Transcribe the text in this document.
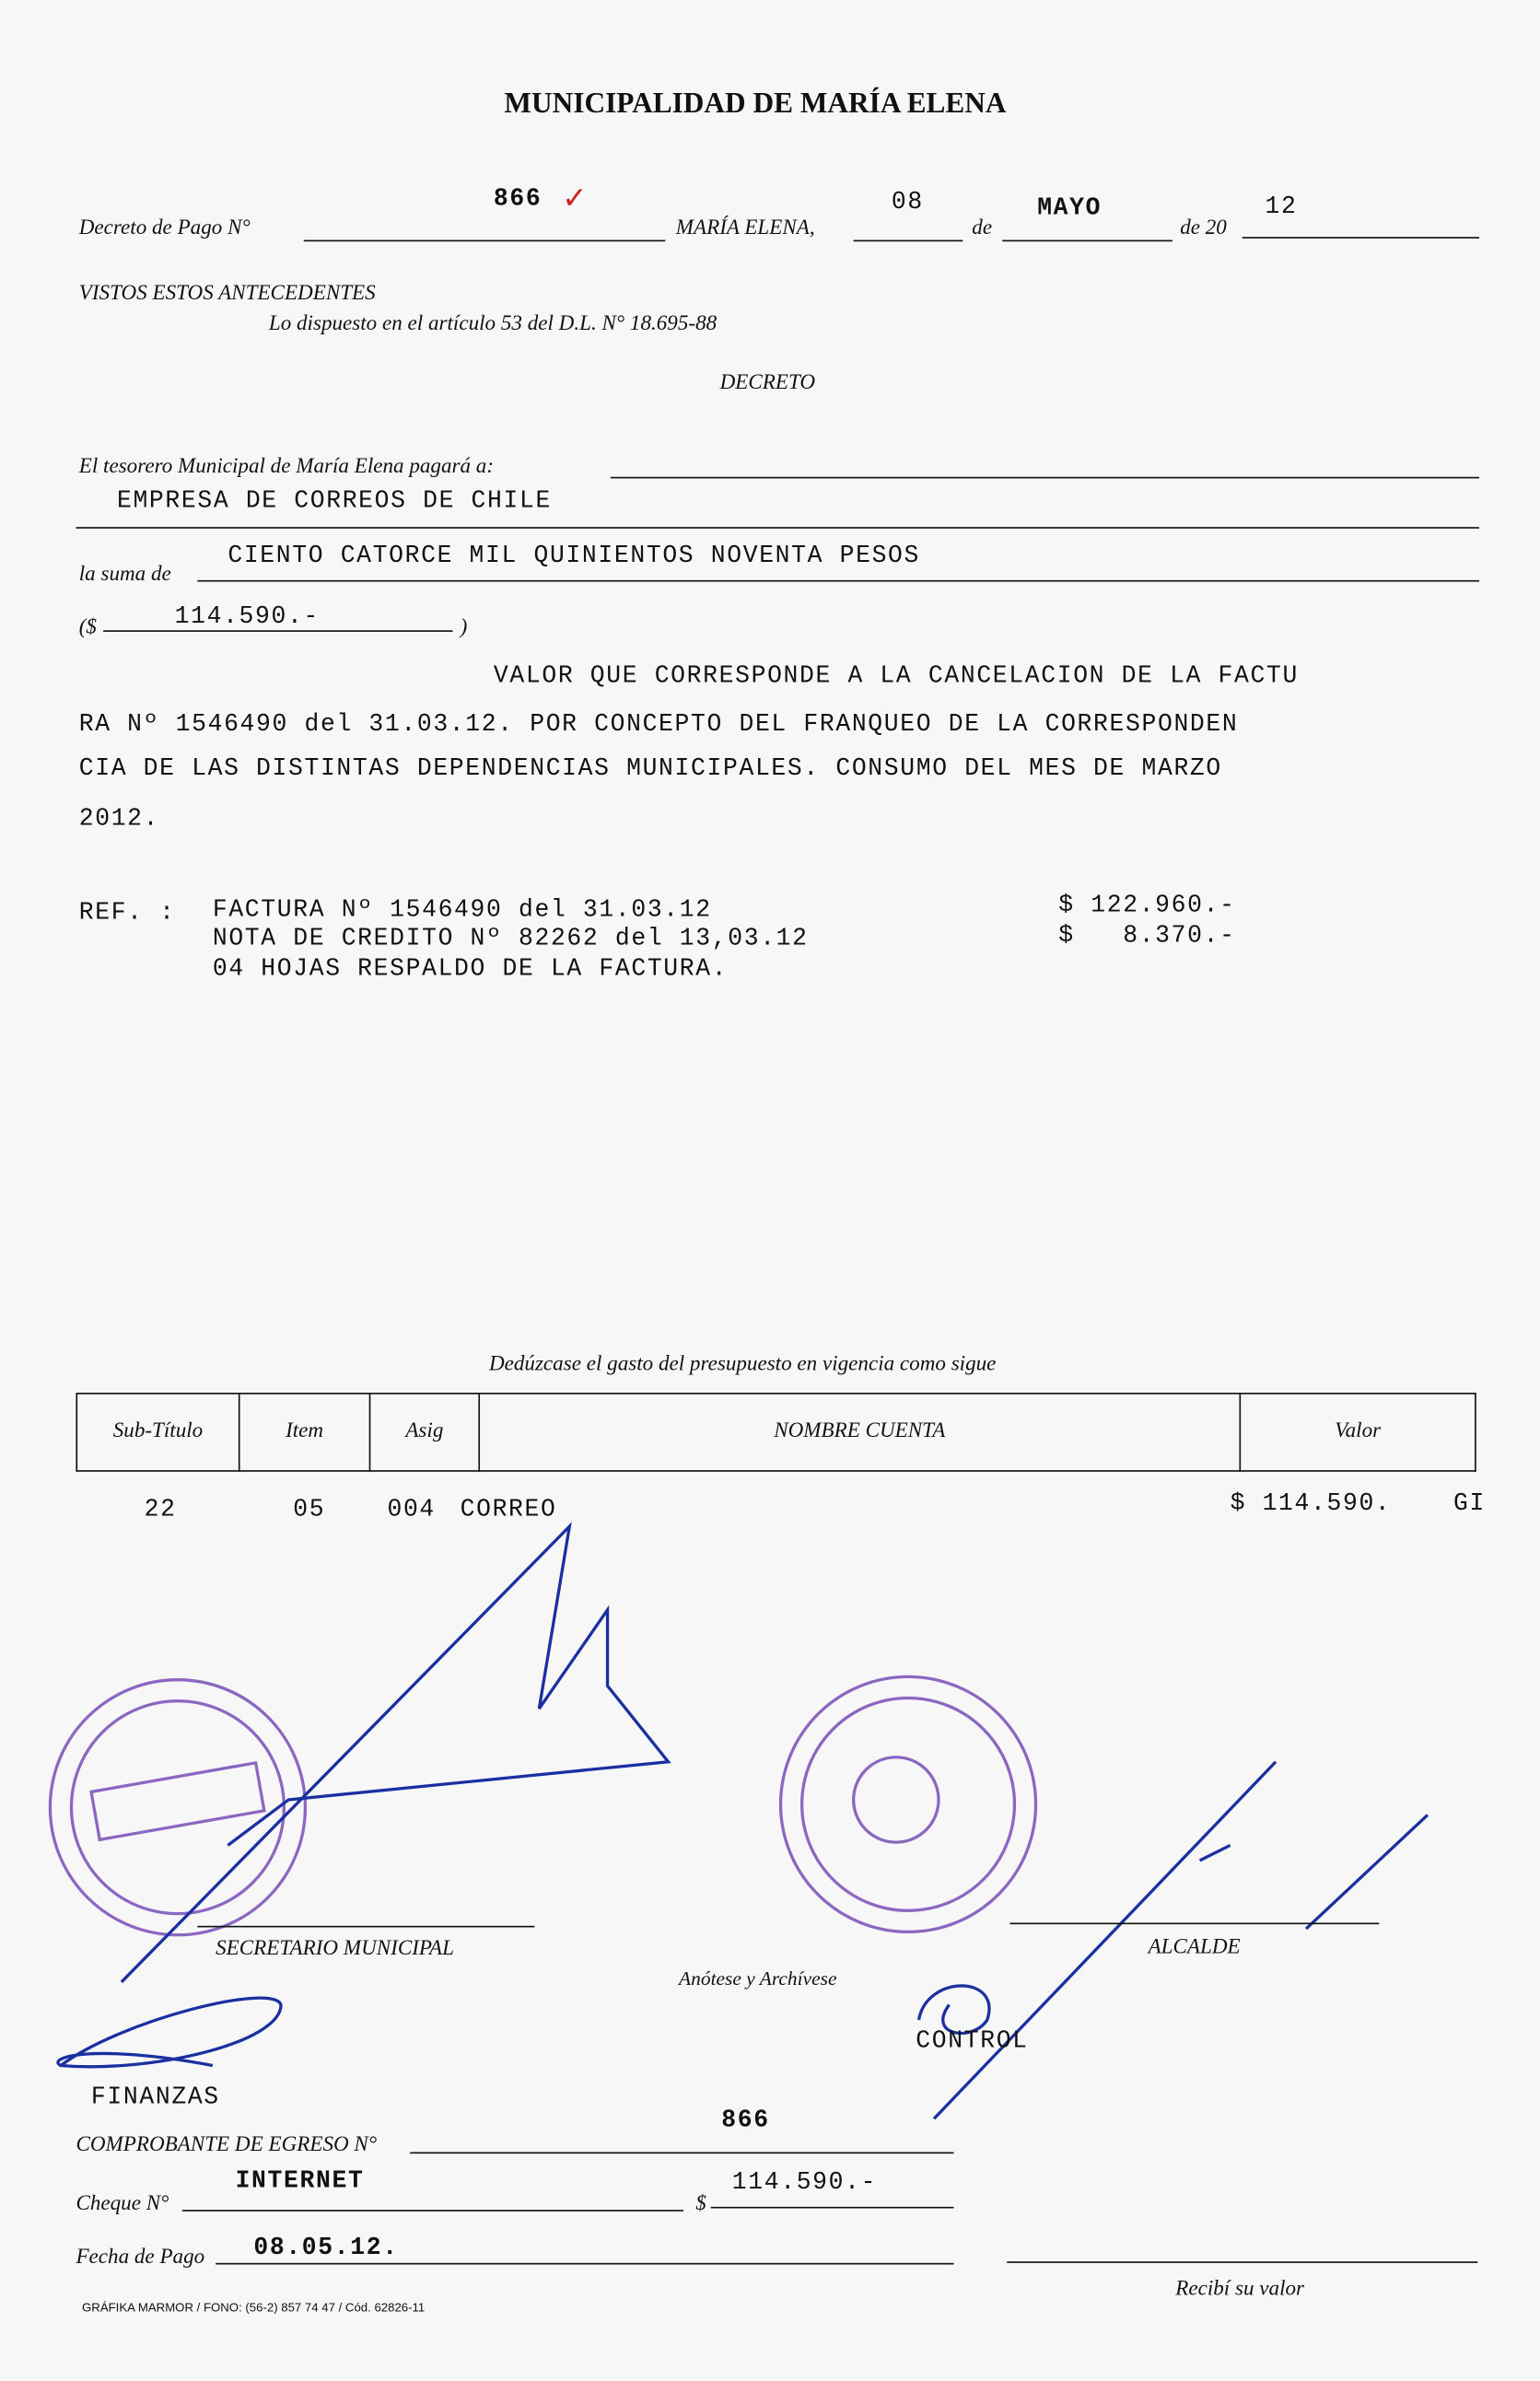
MUNICIPALIDAD DE MARÍA ELENA
Decreto de Pago N°
866 ✓
MARÍA ELENA,
08
de
MAYO
de 20
12
VISTOS ESTOS ANTECEDENTES
Lo dispuesto en el artículo 53 del D.L. N° 18.695-88
DECRETO
El tesorero Municipal de María Elena pagará a:
EMPRESA DE CORREOS DE CHILE
la suma de
CIENTO CATORCE MIL QUINIENTOS NOVENTA PESOS
($	114.590.-	)
VALOR QUE CORRESPONDE A LA CANCELACION DE LA FACTU
RA Nº 1546490 del 31.03.12. POR CONCEPTO DEL FRANQUEO DE LA CORRESPONDEN
CIA DE LAS DISTINTAS DEPENDENCIAS MUNICIPALES. CONSUMO DEL MES DE MARZO
2012.
REF. :	FACTURA Nº 1546490 del 31.03.12	$ 122.960.-
NOTA DE CREDITO Nº 82262 del 13,03.12	$   8.370.-
04 HOJAS RESPALDO DE LA FACTURA.
Dedúzcase el gasto del presupuesto en vigencia como sigue
Sub-Título	Item	Asig	NOMBRE CUENTA	Valor
22	05	004 CORREO	$ 114.590.	GI
SECRETARIO MUNICIPAL	ALCALDE
Anótese y Archívese
CONTROL
FINANZAS
COMPROBANTE DE EGRESO N°
866
Cheque N°
INTERNET
$
114.590.-
Fecha de Pago	08.05.12.
Recibí su valor
GRÁFIKA MARMOR / FONO: (56-2) 857 74 47 / Cód. 62826-11
